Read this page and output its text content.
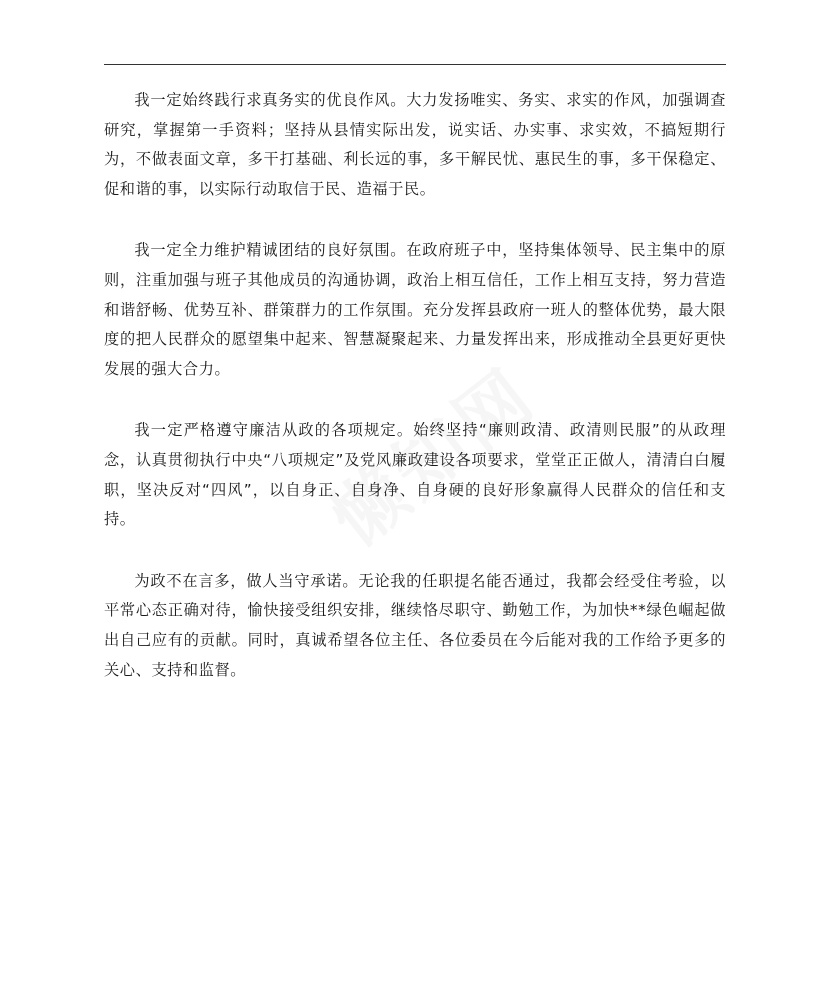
我一定始终践行求真务实的优良作风。大力发扬唯实、务实、求实的作风，加强调查研究，掌握第一手资料；坚持从县情实际出发，说实话、办实事、求实效，不搞短期行为，不做表面文章，多干打基础、利长远的事，多干解民忧、惠民生的事，多干保稳定、促和谐的事，以实际行动取信于民、造福于民。

我一定全力维护精诚团结的良好氛围。在政府班子中，坚持集体领导、民主集中的原则，注重加强与班子其他成员的沟通协调，政治上相互信任，工作上相互支持，努力营造和谐舒畅、优势互补、群策群力的工作氛围。充分发挥县政府一班人的整体优势，最大限度的把人民群众的愿望集中起来、智慧凝聚起来、力量发挥出来，形成推动全县更好更快发展的强大合力。

我一定严格遵守廉洁从政的各项规定。始终坚持“廉则政清、政清则民服”的从政理念，认真贯彻执行中央“八项规定”及党风廉政建设各项要求，堂堂正正做人，清清白白履职，坚决反对“四风”，以自身正、自身净、自身硬的良好形象赢得人民群众的信任和支持。

为政不在言多，做人当守承诺。无论我的任职提名能否通过，我都会经受住考验，以平常心态正确对待，愉快接受组织安排，继续恪尽职守、勤勉工作，为加快**绿色崛起做出自己应有的贡献。同时，真诚希望各位主任、各位委员在今后能对我的工作给予更多的关心、支持和监督。
